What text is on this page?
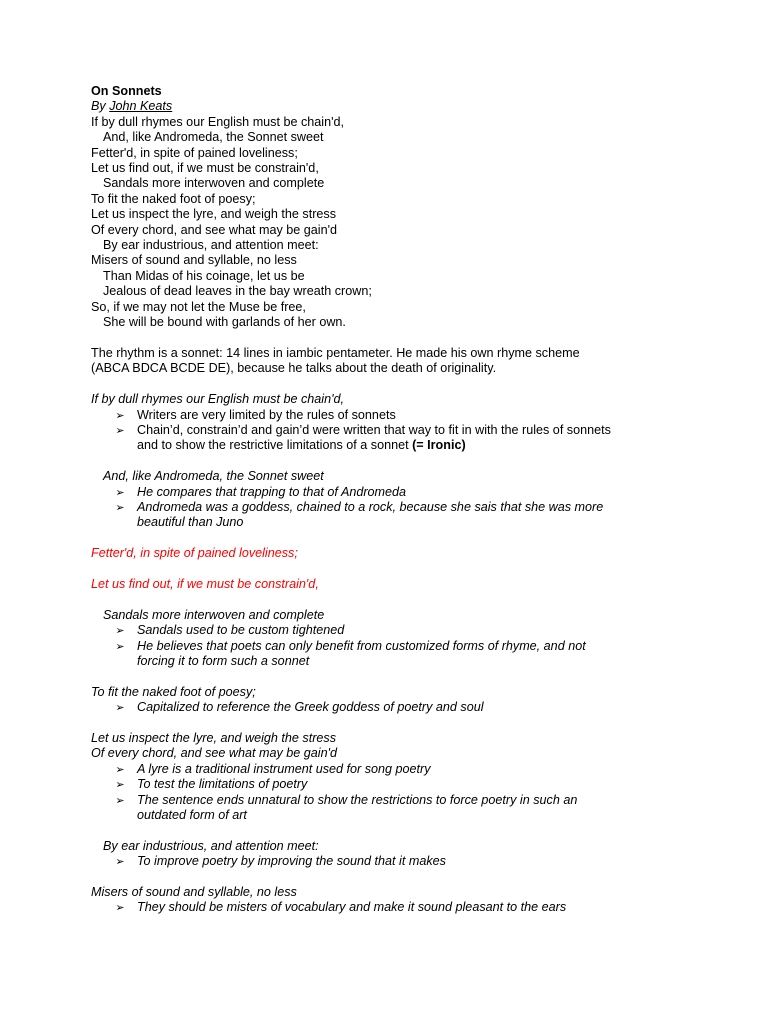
On Sonnets
By John Keats
If by dull rhymes our English must be chain'd,
And, like Andromeda, the Sonnet sweet
Fetter'd, in spite of pained loveliness;
Let us find out, if we must be constrain'd,
Sandals more interwoven and complete
To fit the naked foot of poesy;
Let us inspect the lyre, and weigh the stress
Of every chord, and see what may be gain'd
By ear industrious, and attention meet:
Misers of sound and syllable, no less
Than Midas of his coinage, let us be
Jealous of dead leaves in the bay wreath crown;
So, if we may not let the Muse be free,
She will be bound with garlands of her own.
The rhythm is a sonnet: 14 lines in iambic pentameter. He made his own rhyme scheme
(ABCA BDCA BCDE DE), because he talks about the death of originality.
If by dull rhymes our English must be chain'd,
➢ Writers are very limited by the rules of sonnets
➢ Chain’d, constrain’d and gain’d were written that way to fit in with the rules of sonnets
and to show the restrictive limitations of a sonnet (= Ironic)
And, like Andromeda, the Sonnet sweet
➢ He compares that trapping to that of Andromeda
➢ Andromeda was a goddess, chained to a rock, because she sais that she was more
beautiful than Juno
Fetter'd, in spite of pained loveliness;
Let us find out, if we must be constrain'd,
Sandals more interwoven and complete
➢ Sandals used to be custom tightened
➢ He believes that poets can only benefit from customized forms of rhyme, and not
forcing it to form such a sonnet
To fit the naked foot of poesy;
➢ Capitalized to reference the Greek goddess of poetry and soul
Let us inspect the lyre, and weigh the stress
Of every chord, and see what may be gain'd
➢ A lyre is a traditional instrument used for song poetry
➢ To test the limitations of poetry
➢ The sentence ends unnatural to show the restrictions to force poetry in such an
outdated form of art
By ear industrious, and attention meet:
➢ To improve poetry by improving the sound that it makes
Misers of sound and syllable, no less
➢ They should be misters of vocabulary and make it sound pleasant to the ears
